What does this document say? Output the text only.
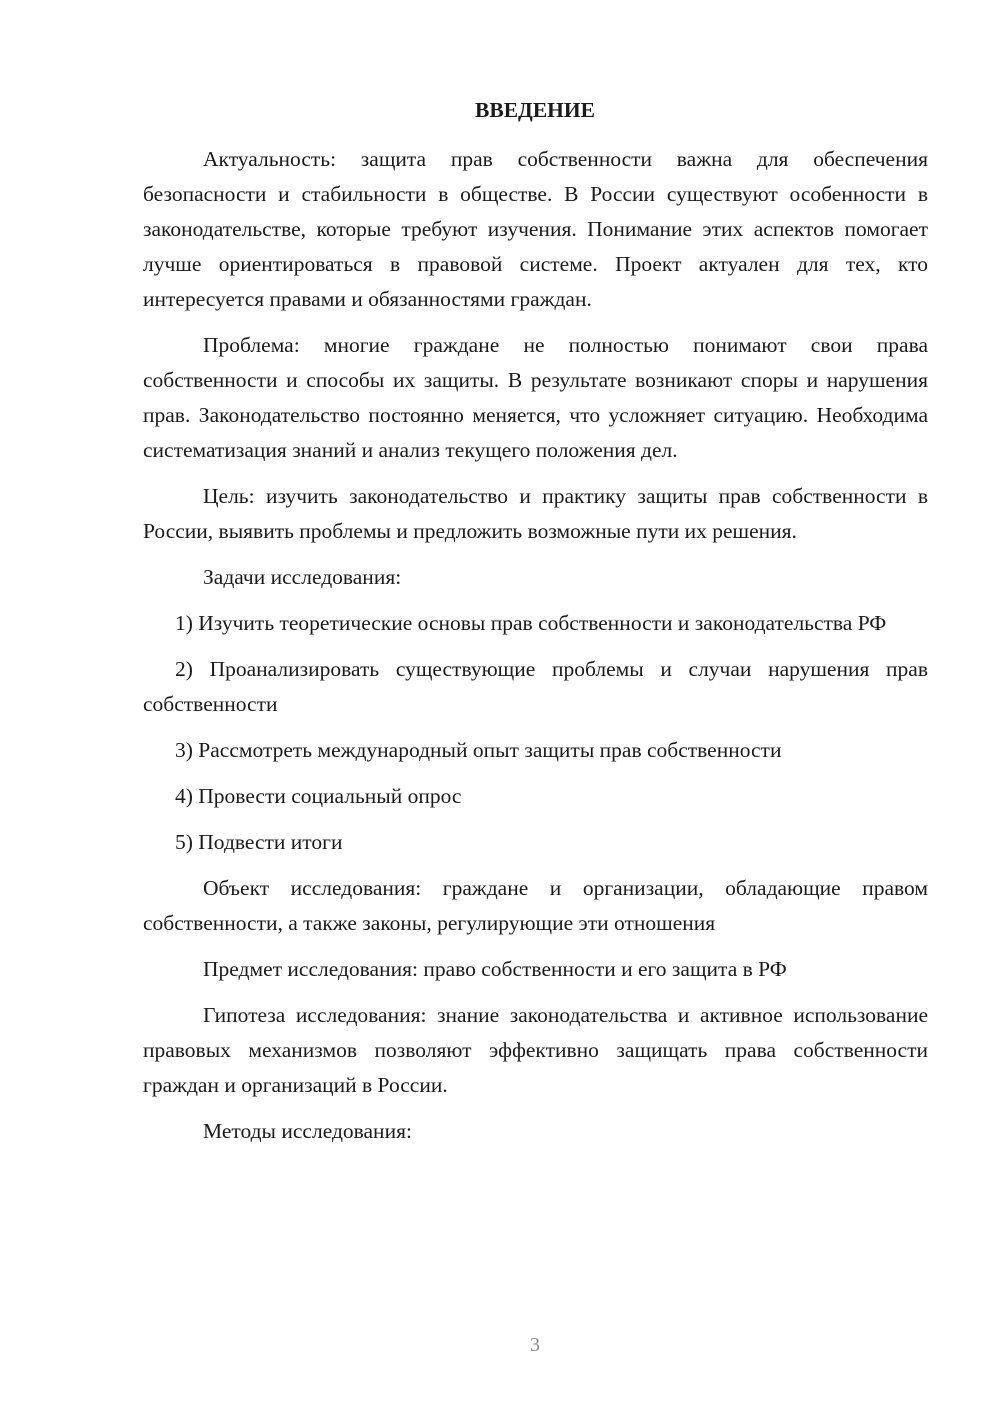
ВВЕДЕНИЕ

Актуальность: защита прав собственности важна для обеспечения безопасности и стабильности в обществе. В России существуют особенности в законодательстве, которые требуют изучения. Понимание этих аспектов помогает лучше ориентироваться в правовой системе. Проект актуален для тех, кто интересуется правами и обязанностями граждан.

Проблема: многие граждане не полностью понимают свои права собственности и способы их защиты. В результате возникают споры и нарушения прав. Законодательство постоянно меняется, что усложняет ситуацию. Необходима систематизация знаний и анализ текущего положения дел.

Цель: изучить законодательство и практику защиты прав собственности в России, выявить проблемы и предложить возможные пути их решения.

Задачи исследования:

1) Изучить теоретические основы прав собственности и законодательства РФ

2) Проанализировать существующие проблемы и случаи нарушения прав собственности

3) Рассмотреть международный опыт защиты прав собственности

4) Провести социальный опрос

5) Подвести итоги

Объект исследования: граждане и организации, обладающие правом собственности, а также законы, регулирующие эти отношения

Предмет исследования: право собственности и его защита в РФ

Гипотеза исследования: знание законодательства и активное использование правовых механизмов позволяют эффективно защищать права собственности граждан и организаций в России.

Методы исследования:

3
